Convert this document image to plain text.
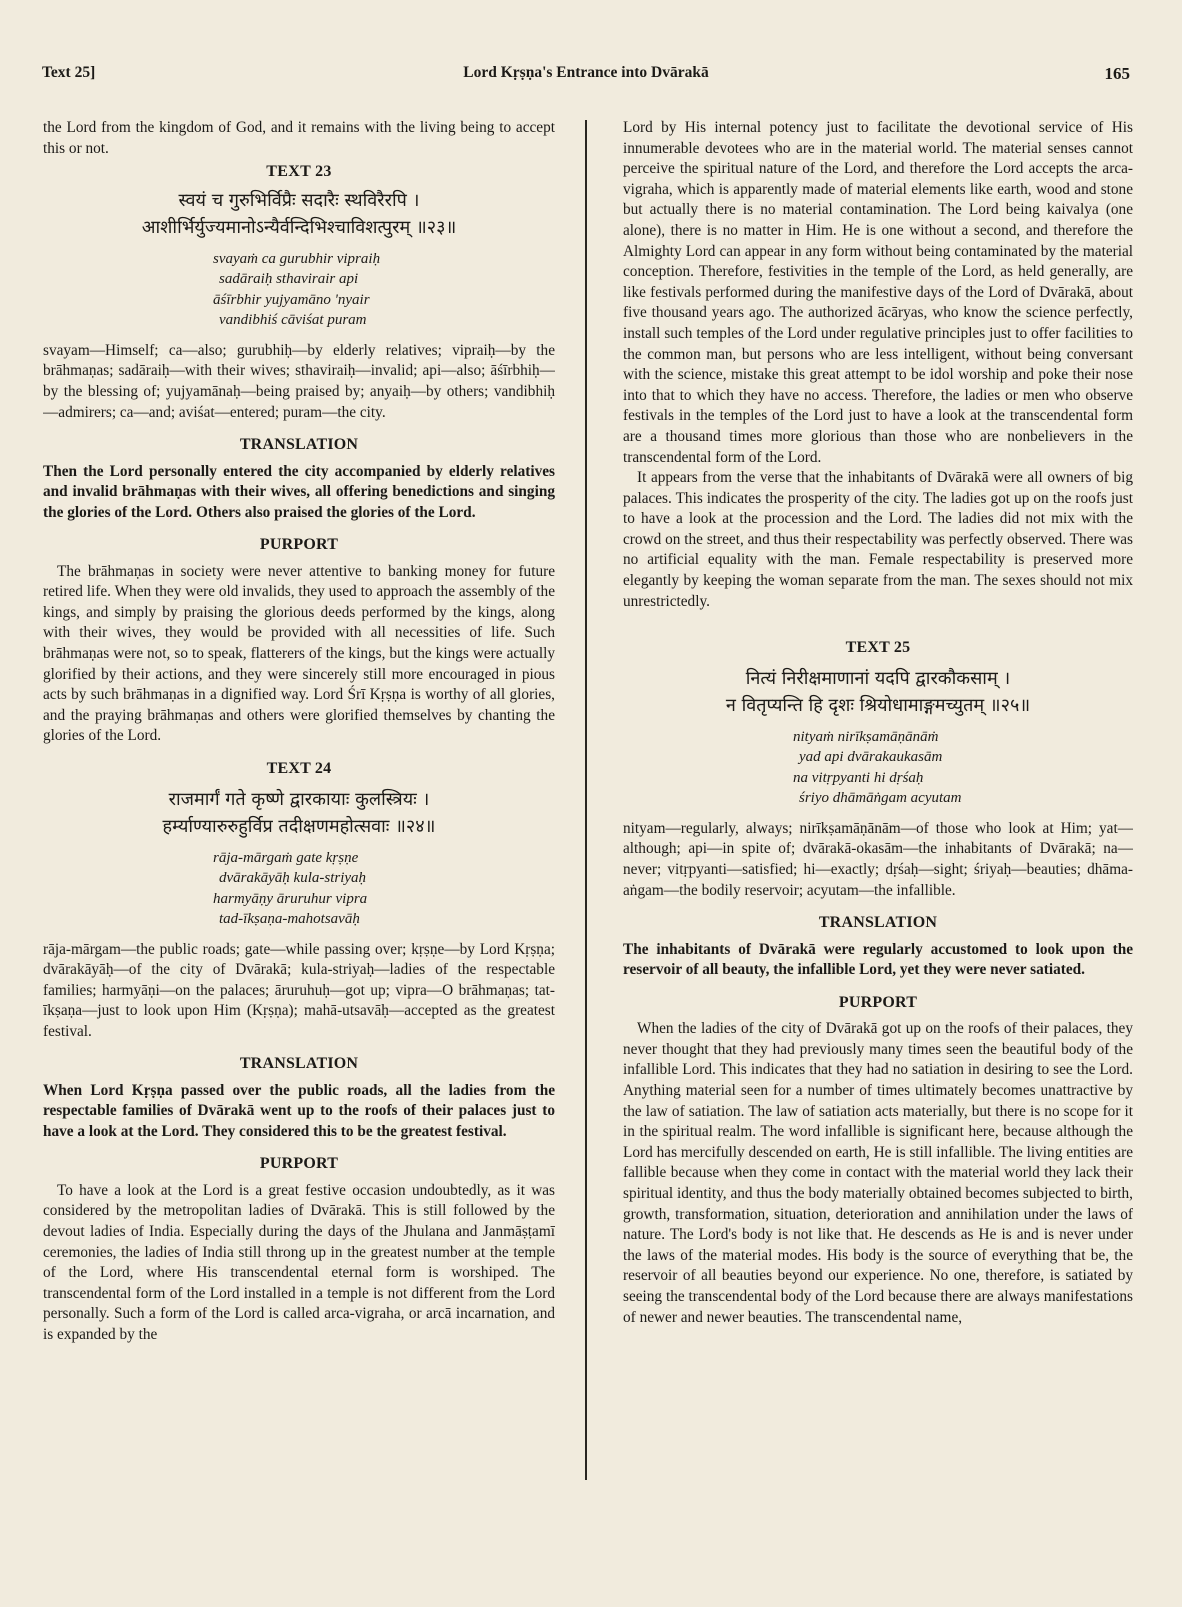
Text 25]	Lord Kṛṣṇa's Entrance into Dvārakā	165

the Lord from the kingdom of God, and it remains with the living being to accept this or not.

TEXT 23
स्वयं च गुरुभिर्विप्रैः सदारैः स्थविरैरपि ।
आशीर्भिर्युज्यमानोऽन्यैर्वन्दिभिश्चाविशत्पुरम् ॥२३॥
svayaṁ ca gurubhir vipraiḥ
sadāraiḥ sthavirair api
āśīrbhir yujyamāno 'nyair
vandibhiś cāviśat puram

svayam—Himself; ca—also; gurubhiḥ—by elderly relatives; vipraiḥ—by the brāhmaṇas; sadāraiḥ—with their wives; sthaviraiḥ—invalid; api—also; āśīrbhiḥ—by the blessing of; yujyamānaḥ—being praised by; anyaiḥ—by others; vandibhiḥ—admirers; ca—and; aviśat—entered; puram—the city.

TRANSLATION

Then the Lord personally entered the city accompanied by elderly relatives and invalid brāhmaṇas with their wives, all offering benedictions and singing the glories of the Lord. Others also praised the glories of the Lord.

PURPORT

The brāhmaṇas in society were never attentive to banking money for future retired life. When they were old invalids, they used to approach the assembly of the kings, and simply by praising the glorious deeds performed by the kings, along with their wives, they would be provided with all necessities of life. Such brāhmaṇas were not, so to speak, flatterers of the kings, but the kings were actually glorified by their actions, and they were sincerely still more encouraged in pious acts by such brāhmaṇas in a dignified way. Lord Śrī Kṛṣṇa is worthy of all glories, and the praying brāhmaṇas and others were glorified themselves by chanting the glories of the Lord.

TEXT 24
राजमार्गं गते कृष्णे द्वारकायाः कुलस्त्रियः ।
हर्म्याण्यारुरुहुर्विप्र तदीक्षणमहोत्सवाः ॥२४॥
rāja-mārgaṁ gate kṛṣṇe
dvārakāyāḥ kula-striyaḥ
harmyāṇy āruruhur vipra
tad-īkṣaṇa-mahotsavāḥ

rāja-mārgam—the public roads; gate—while passing over; kṛṣṇe—by Lord Kṛṣṇa; dvārakāyāḥ—of the city of Dvārakā; kula-striyaḥ—ladies of the respectable families; harmyāṇi—on the palaces; āruruhuḥ—got up; vipra—O brāhmaṇas; tat-īkṣaṇa—just to look upon Him (Kṛṣṇa); mahā-utsavāḥ—accepted as the greatest festival.

TRANSLATION

When Lord Kṛṣṇa passed over the public roads, all the ladies from the respectable families of Dvārakā went up to the roofs of their palaces just to have a look at the Lord. They considered this to be the greatest festival.

PURPORT

To have a look at the Lord is a great festive occasion undoubtedly, as it was considered by the metropolitan ladies of Dvārakā. This is still followed by the devout ladies of India. Especially during the days of the Jhulana and Janmāṣṭamī ceremonies, the ladies of India still throng up in the greatest number at the temple of the Lord, where His transcendental eternal form is worshiped. The transcendental form of the Lord installed in a temple is not different from the Lord personally. Such a form of the Lord is called arca-vigraha, or arcā incarnation, and is expanded by the

Lord by His internal potency just to facilitate the devotional service of His innumerable devotees who are in the material world. The material senses cannot perceive the spiritual nature of the Lord, and therefore the Lord accepts the arca-vigraha, which is apparently made of material elements like earth, wood and stone but actually there is no material contamination. The Lord being kaivalya (one alone), there is no matter in Him. He is one without a second, and therefore the Almighty Lord can appear in any form without being contaminated by the material conception. Therefore, festivities in the temple of the Lord, as held generally, are like festivals performed during the manifestive days of the Lord of Dvārakā, about five thousand years ago. The authorized ācāryas, who know the science perfectly, install such temples of the Lord under regulative principles just to offer facilities to the common man, but persons who are less intelligent, without being conversant with the science, mistake this great attempt to be idol worship and poke their nose into that to which they have no access. Therefore, the ladies or men who observe festivals in the temples of the Lord just to have a look at the transcendental form are a thousand times more glorious than those who are nonbelievers in the transcendental form of the Lord.

It appears from the verse that the inhabitants of Dvārakā were all owners of big palaces. This indicates the prosperity of the city. The ladies got up on the roofs just to have a look at the procession and the Lord. The ladies did not mix with the crowd on the street, and thus their respectability was perfectly observed. There was no artificial equality with the man. Female respectability is preserved more elegantly by keeping the woman separate from the man. The sexes should not mix unrestrictedly.

TEXT 25
नित्यं निरीक्षमाणानां यदपि द्वारकौकसाम् ।
न वितृप्यन्ति हि दृशः श्रियोधामाङ्गमच्युतम् ॥२५॥
nityaṁ nirīkṣamāṇānāṁ
yad api dvārakaukasām
na vitṛpyanti hi dṛśaḥ
śriyo dhāmāṅgam acyutam

nityam—regularly, always; nirīkṣamāṇānām—of those who look at Him; yat—although; api—in spite of; dvārakā-okasām—the inhabitants of Dvārakā; na—never; vitṛpyanti—satisfied; hi—exactly; dṛśaḥ—sight; śriyaḥ—beauties; dhāma-aṅgam—the bodily reservoir; acyutam—the infallible.

TRANSLATION

The inhabitants of Dvārakā were regularly accustomed to look upon the reservoir of all beauty, the infallible Lord, yet they were never satiated.

PURPORT

When the ladies of the city of Dvārakā got up on the roofs of their palaces, they never thought that they had previously many times seen the beautiful body of the infallible Lord. This indicates that they had no satiation in desiring to see the Lord. Anything material seen for a number of times ultimately becomes unattractive by the law of satiation. The law of satiation acts materially, but there is no scope for it in the spiritual realm. The word infallible is significant here, because although the Lord has mercifully descended on earth, He is still infallible. The living entities are fallible because when they come in contact with the material world they lack their spiritual identity, and thus the body materially obtained becomes subjected to birth, growth, transformation, situation, deterioration and annihilation under the laws of nature. The Lord's body is not like that. He descends as He is and is never under the laws of the material modes. His body is the source of everything that be, the reservoir of all beauties beyond our experience. No one, therefore, is satiated by seeing the transcendental body of the Lord because there are always manifestations of newer and newer beauties. The transcendental name,
